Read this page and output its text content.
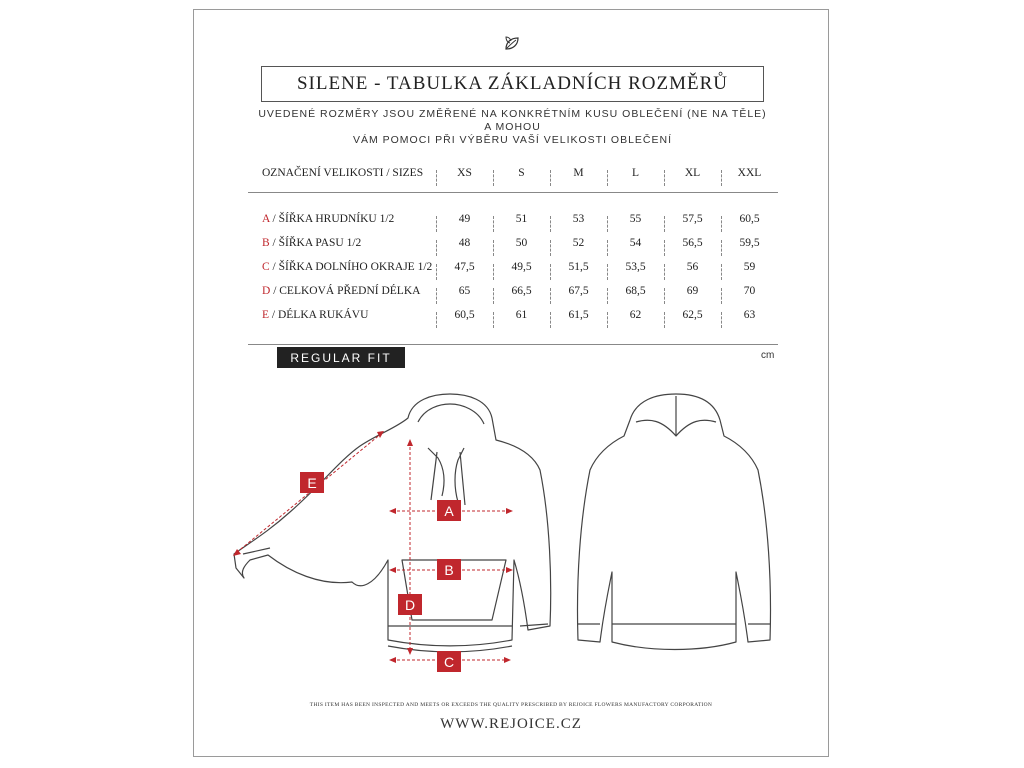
SILENE - TABULKA ZÁKLADNÍCH ROZMĚRŮ
UVEDENÉ ROZMĚRY JSOU ZMĚŘENÉ NA KONKRÉTNÍM KUSU OBLEČENÍ (NE NA TĚLE) A MOHOU
VÁM POMOCI PŘI VÝBĚRU VAŠÍ VELIKOSTI OBLEČENÍ
OZNAČENÍ VELIKOSTI / SIZES	XS	S	M	L	XL	XXL
A / ŠÍŘKA HRUDNÍKU 1/2	49	51	53	55	57,5	60,5
B / ŠÍŘKA PASU 1/2	48	50	52	54	56,5	59,5
C / ŠÍŘKA DOLNÍHO OKRAJE 1/2	47,5	49,5	51,5	53,5	56	59
D / CELKOVÁ PŘEDNÍ DÉLKA	65	66,5	67,5	68,5	69	70
E / DÉLKA RUKÁVU	60,5	61	61,5	62	62,5	63
REGULAR FIT	cm
A
B
C
D
E
THIS ITEM HAS BEEN INSPECTED AND MEETS OR EXCEEDS THE QUALITY PRESCRIBED BY REJOICE FLOWERS MANUFACTORY CORPORATION
WWW.REJOICE.CZ
